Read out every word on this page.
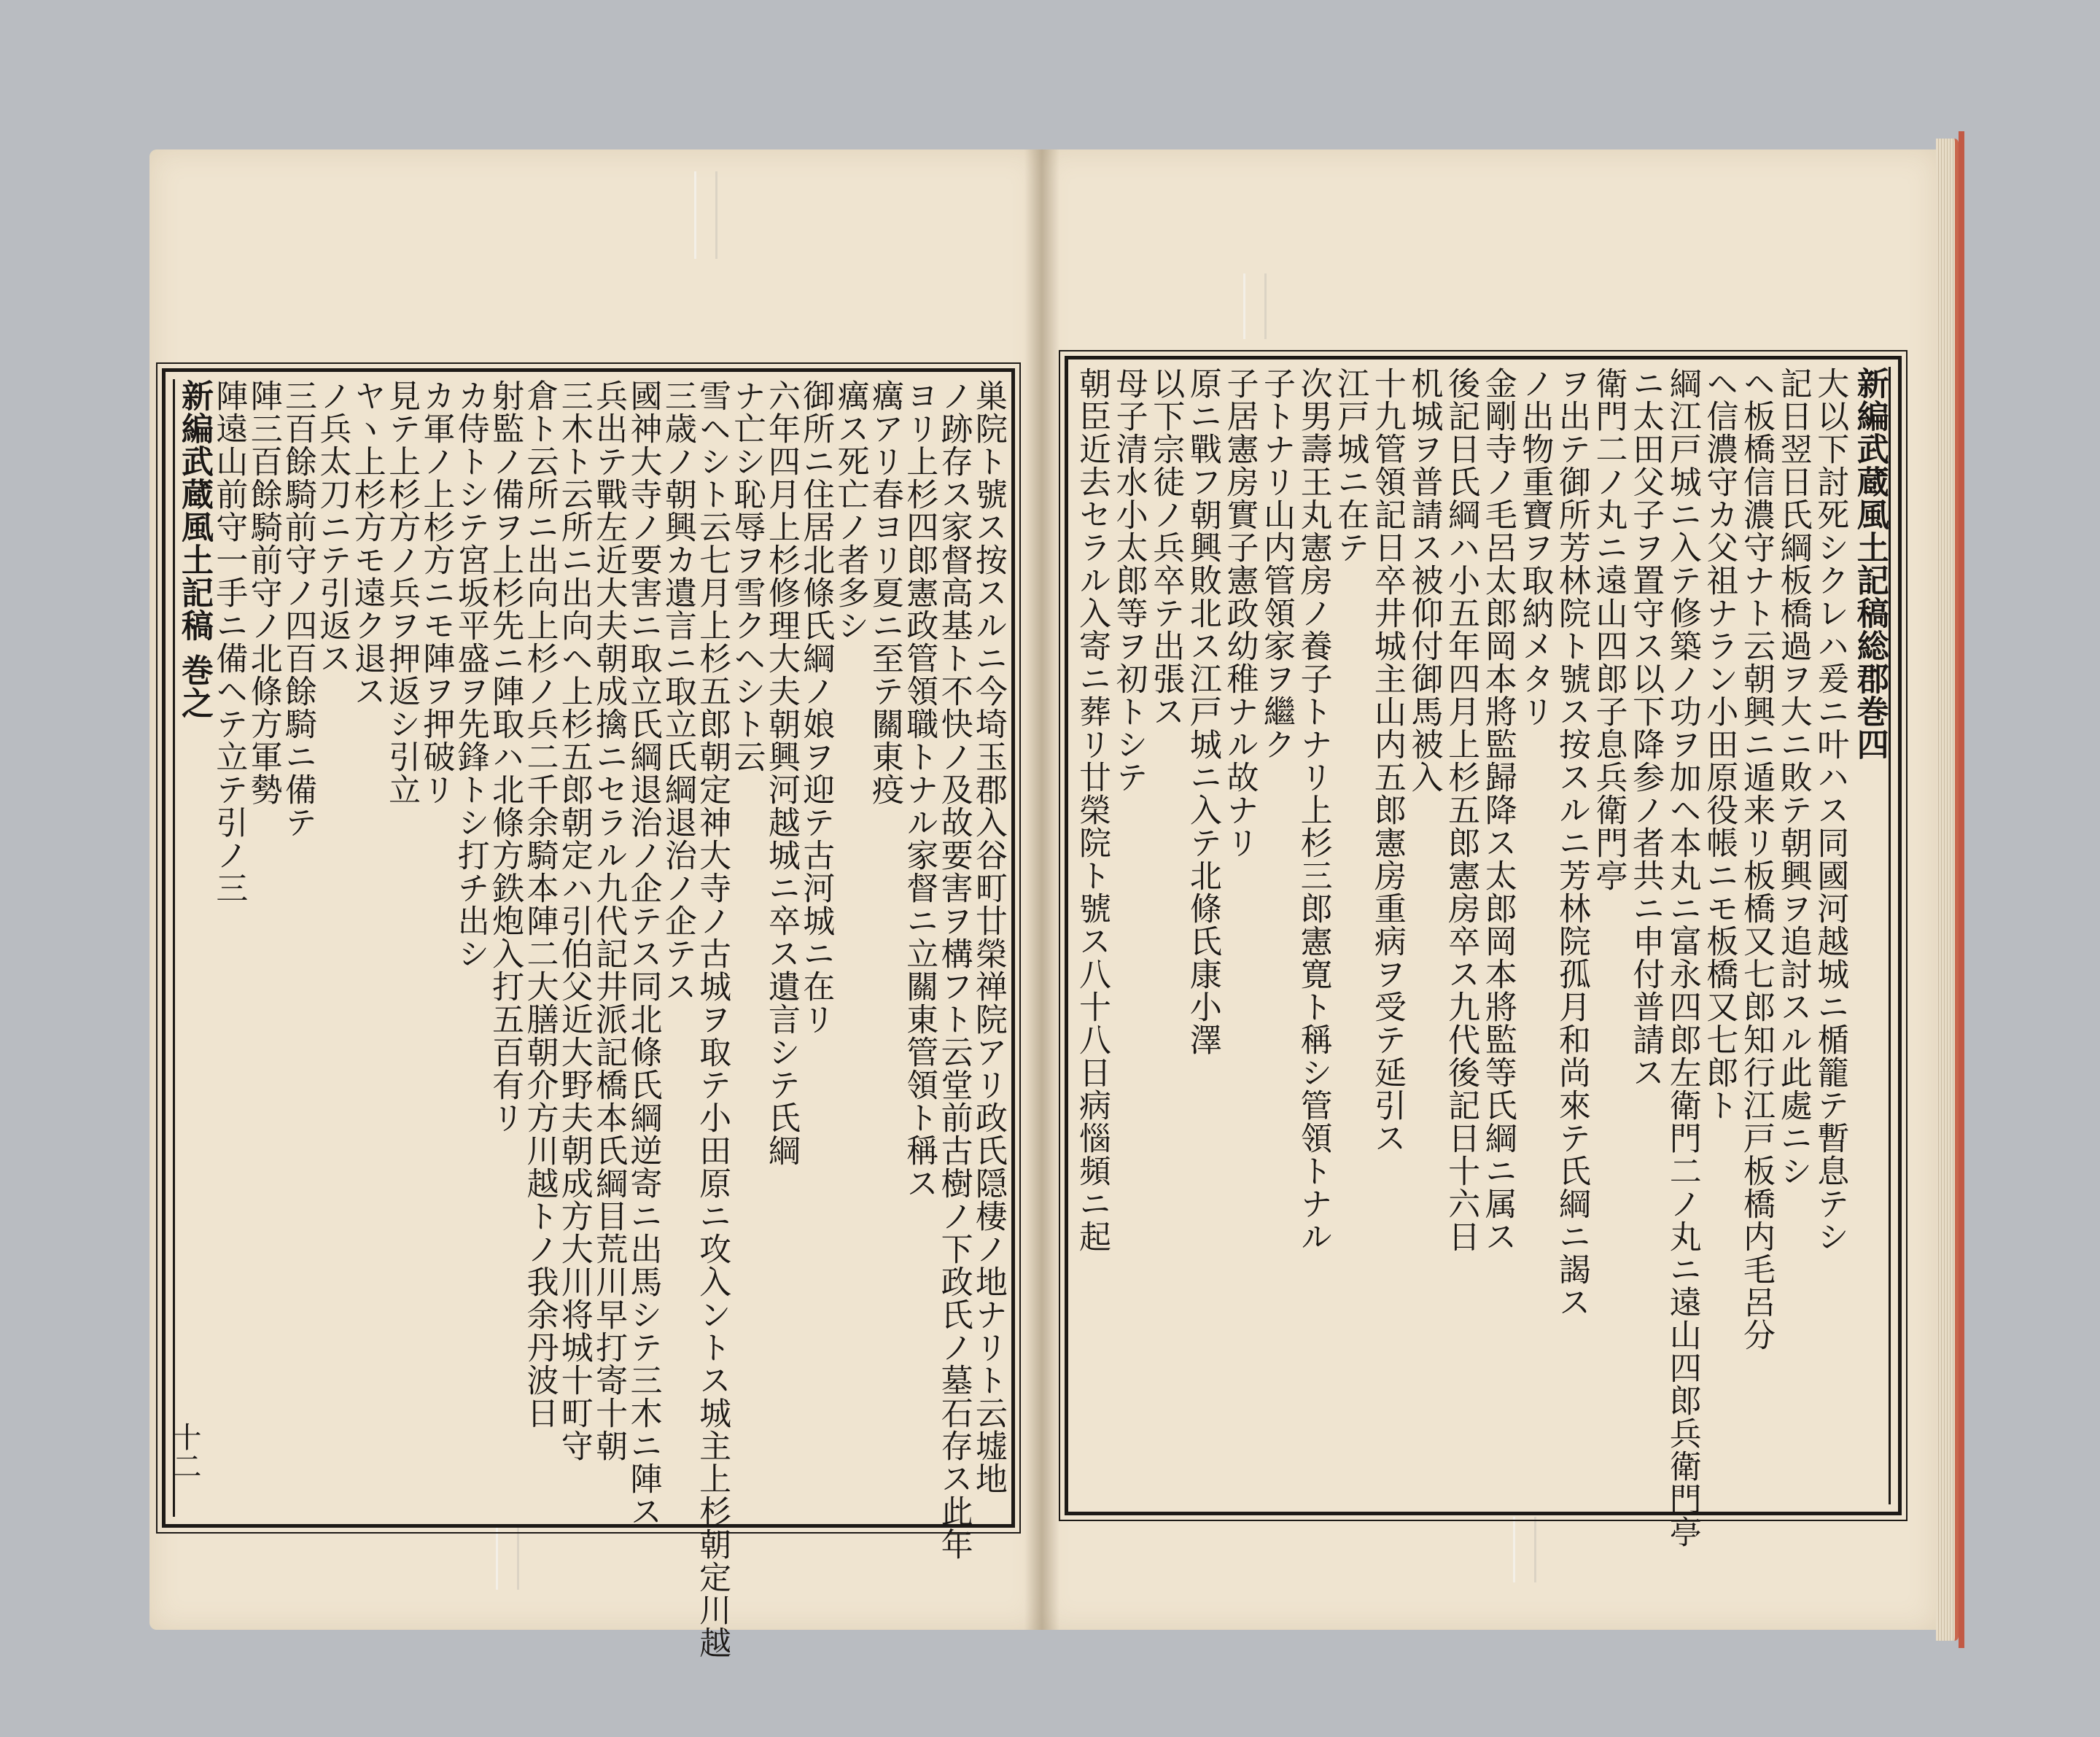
巣院ト號ス按スルニ今埼玉郡入谷町廿榮禅院アリ政氏隠棲ノ地ナリト云墟地
ノ跡存ス家督高基ト不快ノ及故要害ヲ構フト云堂前古樹ノ下政氏ノ墓石存ス此年
ヨリ上杉四郎憲政管領職トナル家督ニ立關東管領ト稱ス
癘アリ春ヨリ夏ニ至テ關東疫
癘ス死亡ノ者多シ
御所ニ住居北條氏綱ノ娘ヲ迎テ古河城ニ在リ
六年四月上杉修理大夫朝興河越城ニ卒ス遺言シテ氏綱
ナ亡シ恥辱ヲ雪クヘシト云
雪ヘシト云七月上杉五郎朝定神大寺ノ古城ヲ取テ小田原ニ攻入ントス城主上杉朝定川越
三歳ノ朝興カ遺言ニ取立氏綱退治ノ企テス
國神大寺ノ要害ニ取立氏綱退治ノ企テス同北條氏綱逆寄ニ出馬シテ三木ニ陣ス
兵出テ戰左近大夫朝成擒ニセラル九代記井派記橋本氏綱目荒川早打寄十朝
三木ト云所ニ出向ヘ上杉五郎朝定ハ引伯父近大野夫朝成方大川将城十町守
倉ト云所ニ出向上杉ノ兵二千余騎本陣二大膳朝介方川越トノ我余丹波日
射監ノ備ヲ上杉先ニ陣取ハ北條方鉄炮入打五百有リ
カ侍トシテ宮坂平盛ヲ先鋒トシ打チ出シ
カ軍ノ上杉方ニモ陣ヲ押破リ
見テ上杉方ノ兵ヲ押返シ引立
ヤヽ上杉方モ遠ク退ス
ノ兵太刀ニテ引返ス
三百餘騎前守ノ四百餘騎ニ備テ
陣三百餘騎前守ノ北條方軍勢
陣遠山前守一手ニ備ヘテ立テ引ノ三
新編武蔵風土記稿 巻之
十二
新編武蔵風土記稿総郡巻四
大以下討死シクレハ爰ニ叶ハス同國河越城ニ楯籠テ暫息テシ
記日翌日氏綱板橋過ヲ大ニ敗テ朝興ヲ追討スル此處ニシ
ヘ板橋信濃守ナト云朝興ニ遁来リ板橋又七郎知行江戸板橋内毛呂分
ヘ信濃守カ父祖ナラン小田原役帳ニモ板橋又七郎ト
綱江戸城ニ入テ修築ノ功ヲ加ヘ本丸ニ富永四郎左衛門二ノ丸ニ遠山四郎兵衛門亭
ニ太田父子ヲ置守ス以下降参ノ者共ニ申付普請ス
衛門二ノ丸ニ遠山四郎子息兵衛門亭
ヲ出テ御所芳林院ト號ス按スルニ芳林院孤月和尚來テ氏綱ニ謁ス
ノ出物重寶ヲ取納メタリ
金剛寺ノ毛呂太郎岡本將監歸降ス太郎岡本將監等氏綱ニ属ス
後記日氏綱ハ小五年四月上杉五郎憲房卒ス九代後記日十六日
机城ヲ普請ス被仰付御馬被入
十九管領記日卒井城主山内五郎憲房重病ヲ受テ延引ス
江戸城ニ在テ
次男壽王丸憲房ノ養子トナリ上杉三郎憲寛ト稱シ管領トナル
子トナリ山内管領家ヲ繼ク
子居憲房實子憲政幼稚ナル故ナリ
原ニ戰フ朝興敗北ス江戸城ニ入テ北條氏康小澤
以下宗徒ノ兵卒テ出張ス
母子清水小太郎等ヲ初トシテ
朝臣近去セラル入寄ニ葬リ廿榮院ト號ス八十八日病惱頻ニ起
